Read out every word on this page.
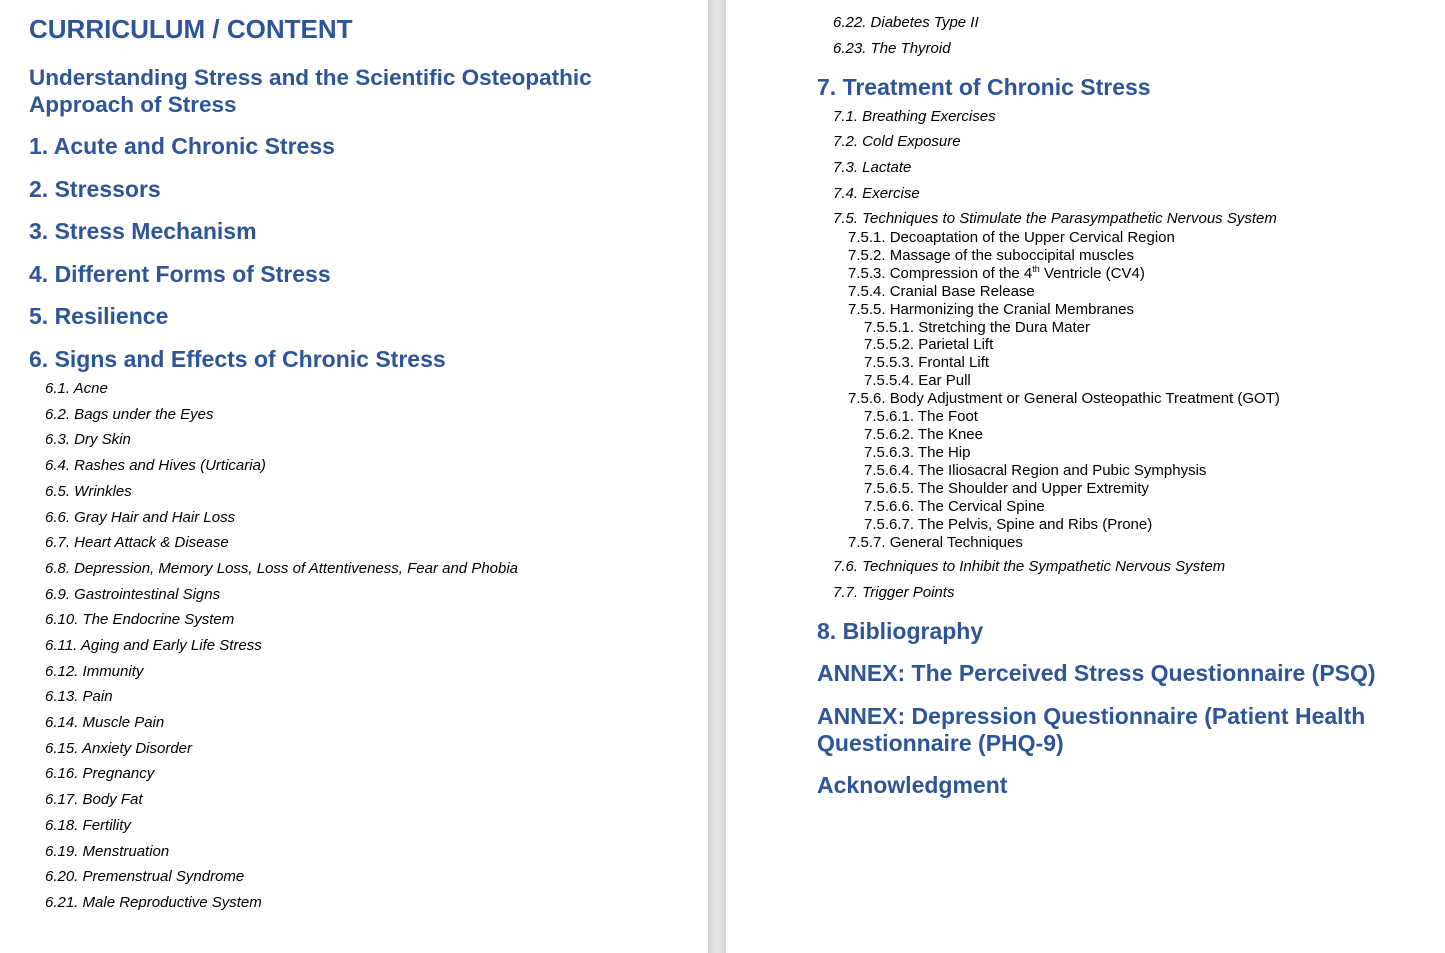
CURRICULUM / CONTENT
Understanding Stress and the Scientific Osteopathic Approach of Stress
1. Acute and Chronic Stress
2. Stressors
3. Stress Mechanism
4. Different Forms of Stress
5. Resilience
6. Signs and Effects of Chronic Stress
6.1. Acne
6.2. Bags under the Eyes
6.3. Dry Skin
6.4. Rashes and Hives (Urticaria)
6.5. Wrinkles
6.6. Gray Hair and Hair Loss
6.7. Heart Attack & Disease
6.8. Depression, Memory Loss, Loss of Attentiveness, Fear and Phobia
6.9. Gastrointestinal Signs
6.10. The Endocrine System
6.11. Aging and Early Life Stress
6.12. Immunity
6.13. Pain
6.14. Muscle Pain
6.15. Anxiety Disorder
6.16. Pregnancy
6.17. Body Fat
6.18. Fertility
6.19. Menstruation
6.20. Premenstrual Syndrome
6.21. Male Reproductive System
6.22. Diabetes Type II
6.23. The Thyroid
7. Treatment of Chronic Stress
7.1. Breathing Exercises
7.2. Cold Exposure
7.3. Lactate
7.4. Exercise
7.5. Techniques to Stimulate the Parasympathetic Nervous System
7.5.1. Decoaptation of the Upper Cervical Region
7.5.2. Massage of the suboccipital muscles
7.5.3. Compression of the 4th Ventricle (CV4)
7.5.4. Cranial Base Release
7.5.5. Harmonizing the Cranial Membranes
7.5.5.1. Stretching the Dura Mater
7.5.5.2. Parietal Lift
7.5.5.3. Frontal Lift
7.5.5.4. Ear Pull
7.5.6. Body Adjustment or General Osteopathic Treatment (GOT)
7.5.6.1. The Foot
7.5.6.2. The Knee
7.5.6.3. The Hip
7.5.6.4. The Iliosacral Region and Pubic Symphysis
7.5.6.5. The Shoulder and Upper Extremity
7.5.6.6. The Cervical Spine
7.5.6.7. The Pelvis, Spine and Ribs (Prone)
7.5.7. General Techniques
7.6. Techniques to Inhibit the Sympathetic Nervous System
7.7. Trigger Points
8. Bibliography
ANNEX: The Perceived Stress Questionnaire (PSQ)
ANNEX: Depression Questionnaire (Patient Health Questionnaire (PHQ-9)
Acknowledgment
